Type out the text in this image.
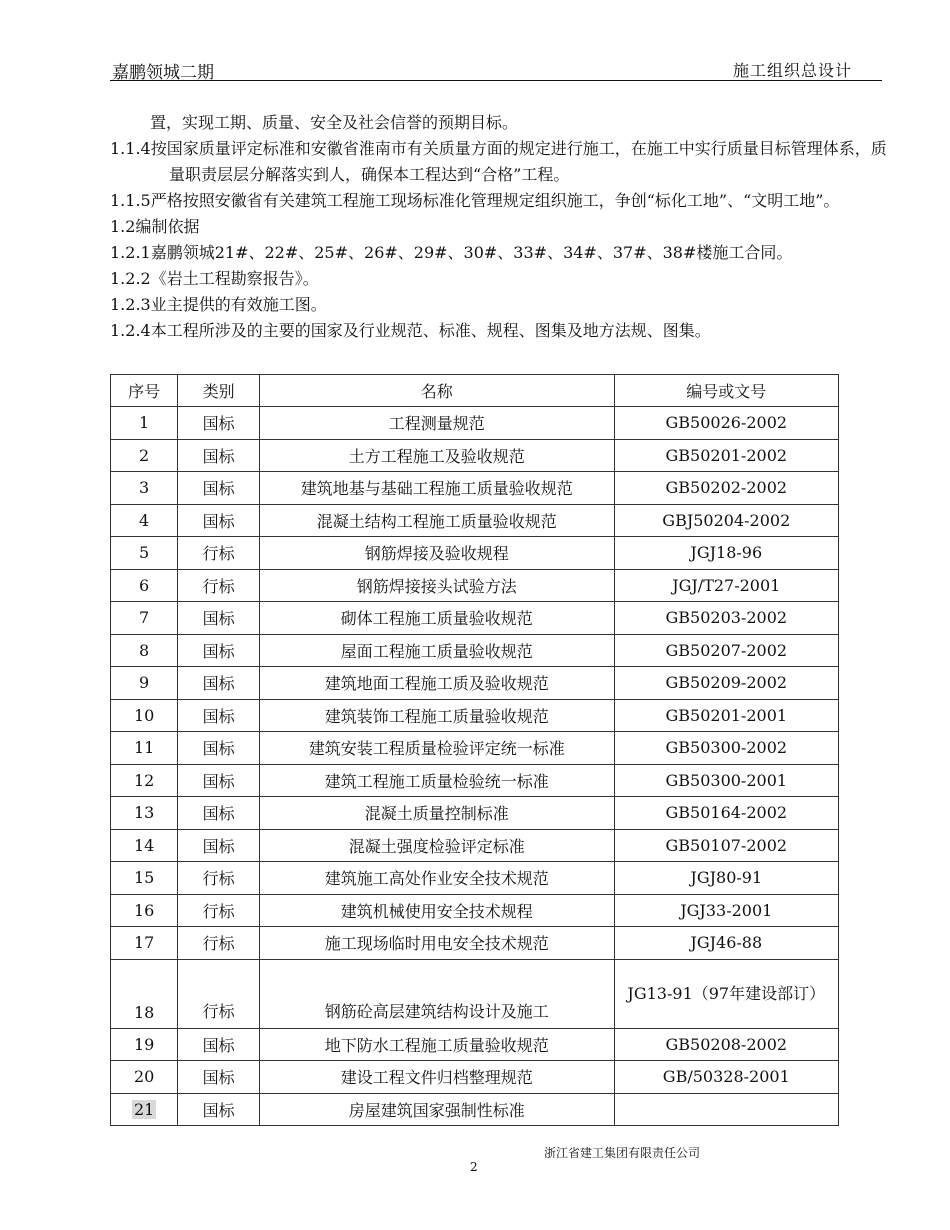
嘉鹏领城二期	施工组织总设计

置，实现工期、质量、安全及社会信誉的预期目标。

1.1.4按国家质量评定标准和安徽省淮南市有关质量方面的规定进行施工，在施工中实行质量目标管理体系，质量职责层层分解落实到人，确保本工程达到“合格”工程。

1.1.5严格按照安徽省有关建筑工程施工现场标准化管理规定组织施工，争创“标化工地”、“文明工地”。

1.2编制依据

1.2.1嘉鹏领城21#、22#、25#、26#、29#、30#、33#、34#、37#、38#楼施工合同。

1.2.2《岩土工程勘察报告》。

1.2.3业主提供的有效施工图。

1.2.4本工程所涉及的主要的国家及行业规范、标准、规程、图集及地方法规、图集。

序号	类别	名称	编号或文号
1	国标	工程测量规范	GB50026-2002
2	国标	土方工程施工及验收规范	GB50201-2002
3	国标	建筑地基与基础工程施工质量验收规范	GB50202-2002
4	国标	混凝土结构工程施工质量验收规范	GBJ50204-2002
5	行标	钢筋焊接及验收规程	JGJ18-96
6	行标	钢筋焊接接头试验方法	JGJ/T27-2001
7	国标	砌体工程施工质量验收规范	GB50203-2002
8	国标	屋面工程施工质量验收规范	GB50207-2002
9	国标	建筑地面工程施工质及验收规范	GB50209-2002
10	国标	建筑装饰工程施工质量验收规范	GB50201-2001
11	国标	建筑安装工程质量检验评定统一标准	GB50300-2002
12	国标	建筑工程施工质量检验统一标准	GB50300-2001
13	国标	混凝土质量控制标准	GB50164-2002
14	国标	混凝土强度检验评定标准	GB50107-2002
15	行标	建筑施工高处作业安全技术规范	JGJ80-91
16	行标	建筑机械使用安全技术规程	JGJ33-2001
17	行标	施工现场临时用电安全技术规范	JGJ46-88
18	行标	钢筋砼高层建筑结构设计及施工	JG13-91（97年建设部订）
19	国标	地下防水工程施工质量验收规范	GB50208-2002
20	国标	建设工程文件归档整理规范	GB/50328-2001
21	国标	房屋建筑国家强制性标准	
浙江省建工集团有限责任公司
2
